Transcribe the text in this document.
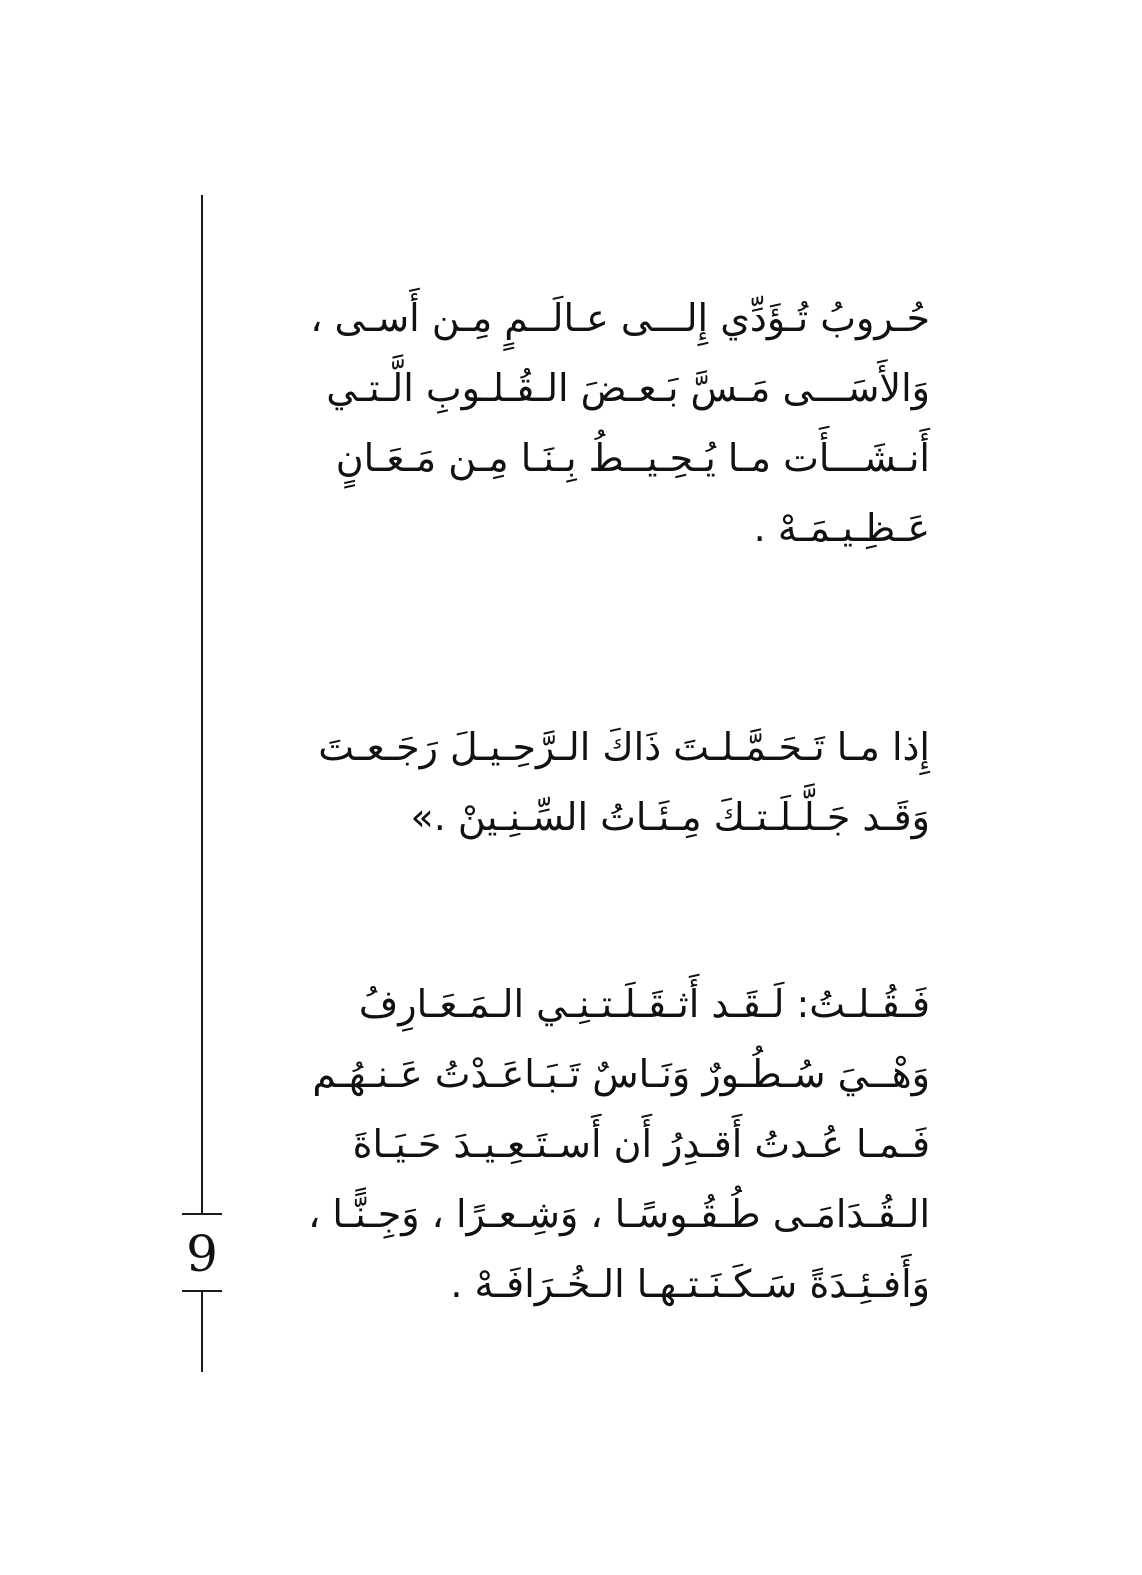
9
حُـروبُ تُـؤَدِّي إِلـــى عـالَــمٍ مِـن أَسـى ،
وَالأَسَـــى مَـسَّ بَـعـضَ الـقُـلـوبِ الَّـتـي
أَنـشَـــأَت مـا يُـحِـيــطُ بِـنَـا مِـن مَـعَـانٍ
عَـظِـيـمَـهْ .
إِذا مـا تَـحَـمَّـلـتَ ذَاكَ الـرَّحِـيـلَ رَجَـعـتَ
وَقَـد جَـلَّـلَـتـكَ مِـئَـاتُ السِّـنِـينْ .»
فَـقُـلـتُ: لَـقَـد أَثـقَـلَـتـنِـي الـمَـعَـارِفُ
وَهْــيَ سُـطُـورٌ وَنَـاسٌ تَـبَـاعَـدْتُ عَـنـهُـم
فَـمـا عُـدتُ أَقـدِرُ أَن أَسـتَـعِـيـدَ حَـيَـاةَ
الـقُـدَامَـى طُـقُـوسًـا ، وَشِـعـرًا ، وَجِـنًّـا ،
وَأَفـئِـدَةً سَـكَـنَـتـهـا الـخُـرَافَـهْ .
